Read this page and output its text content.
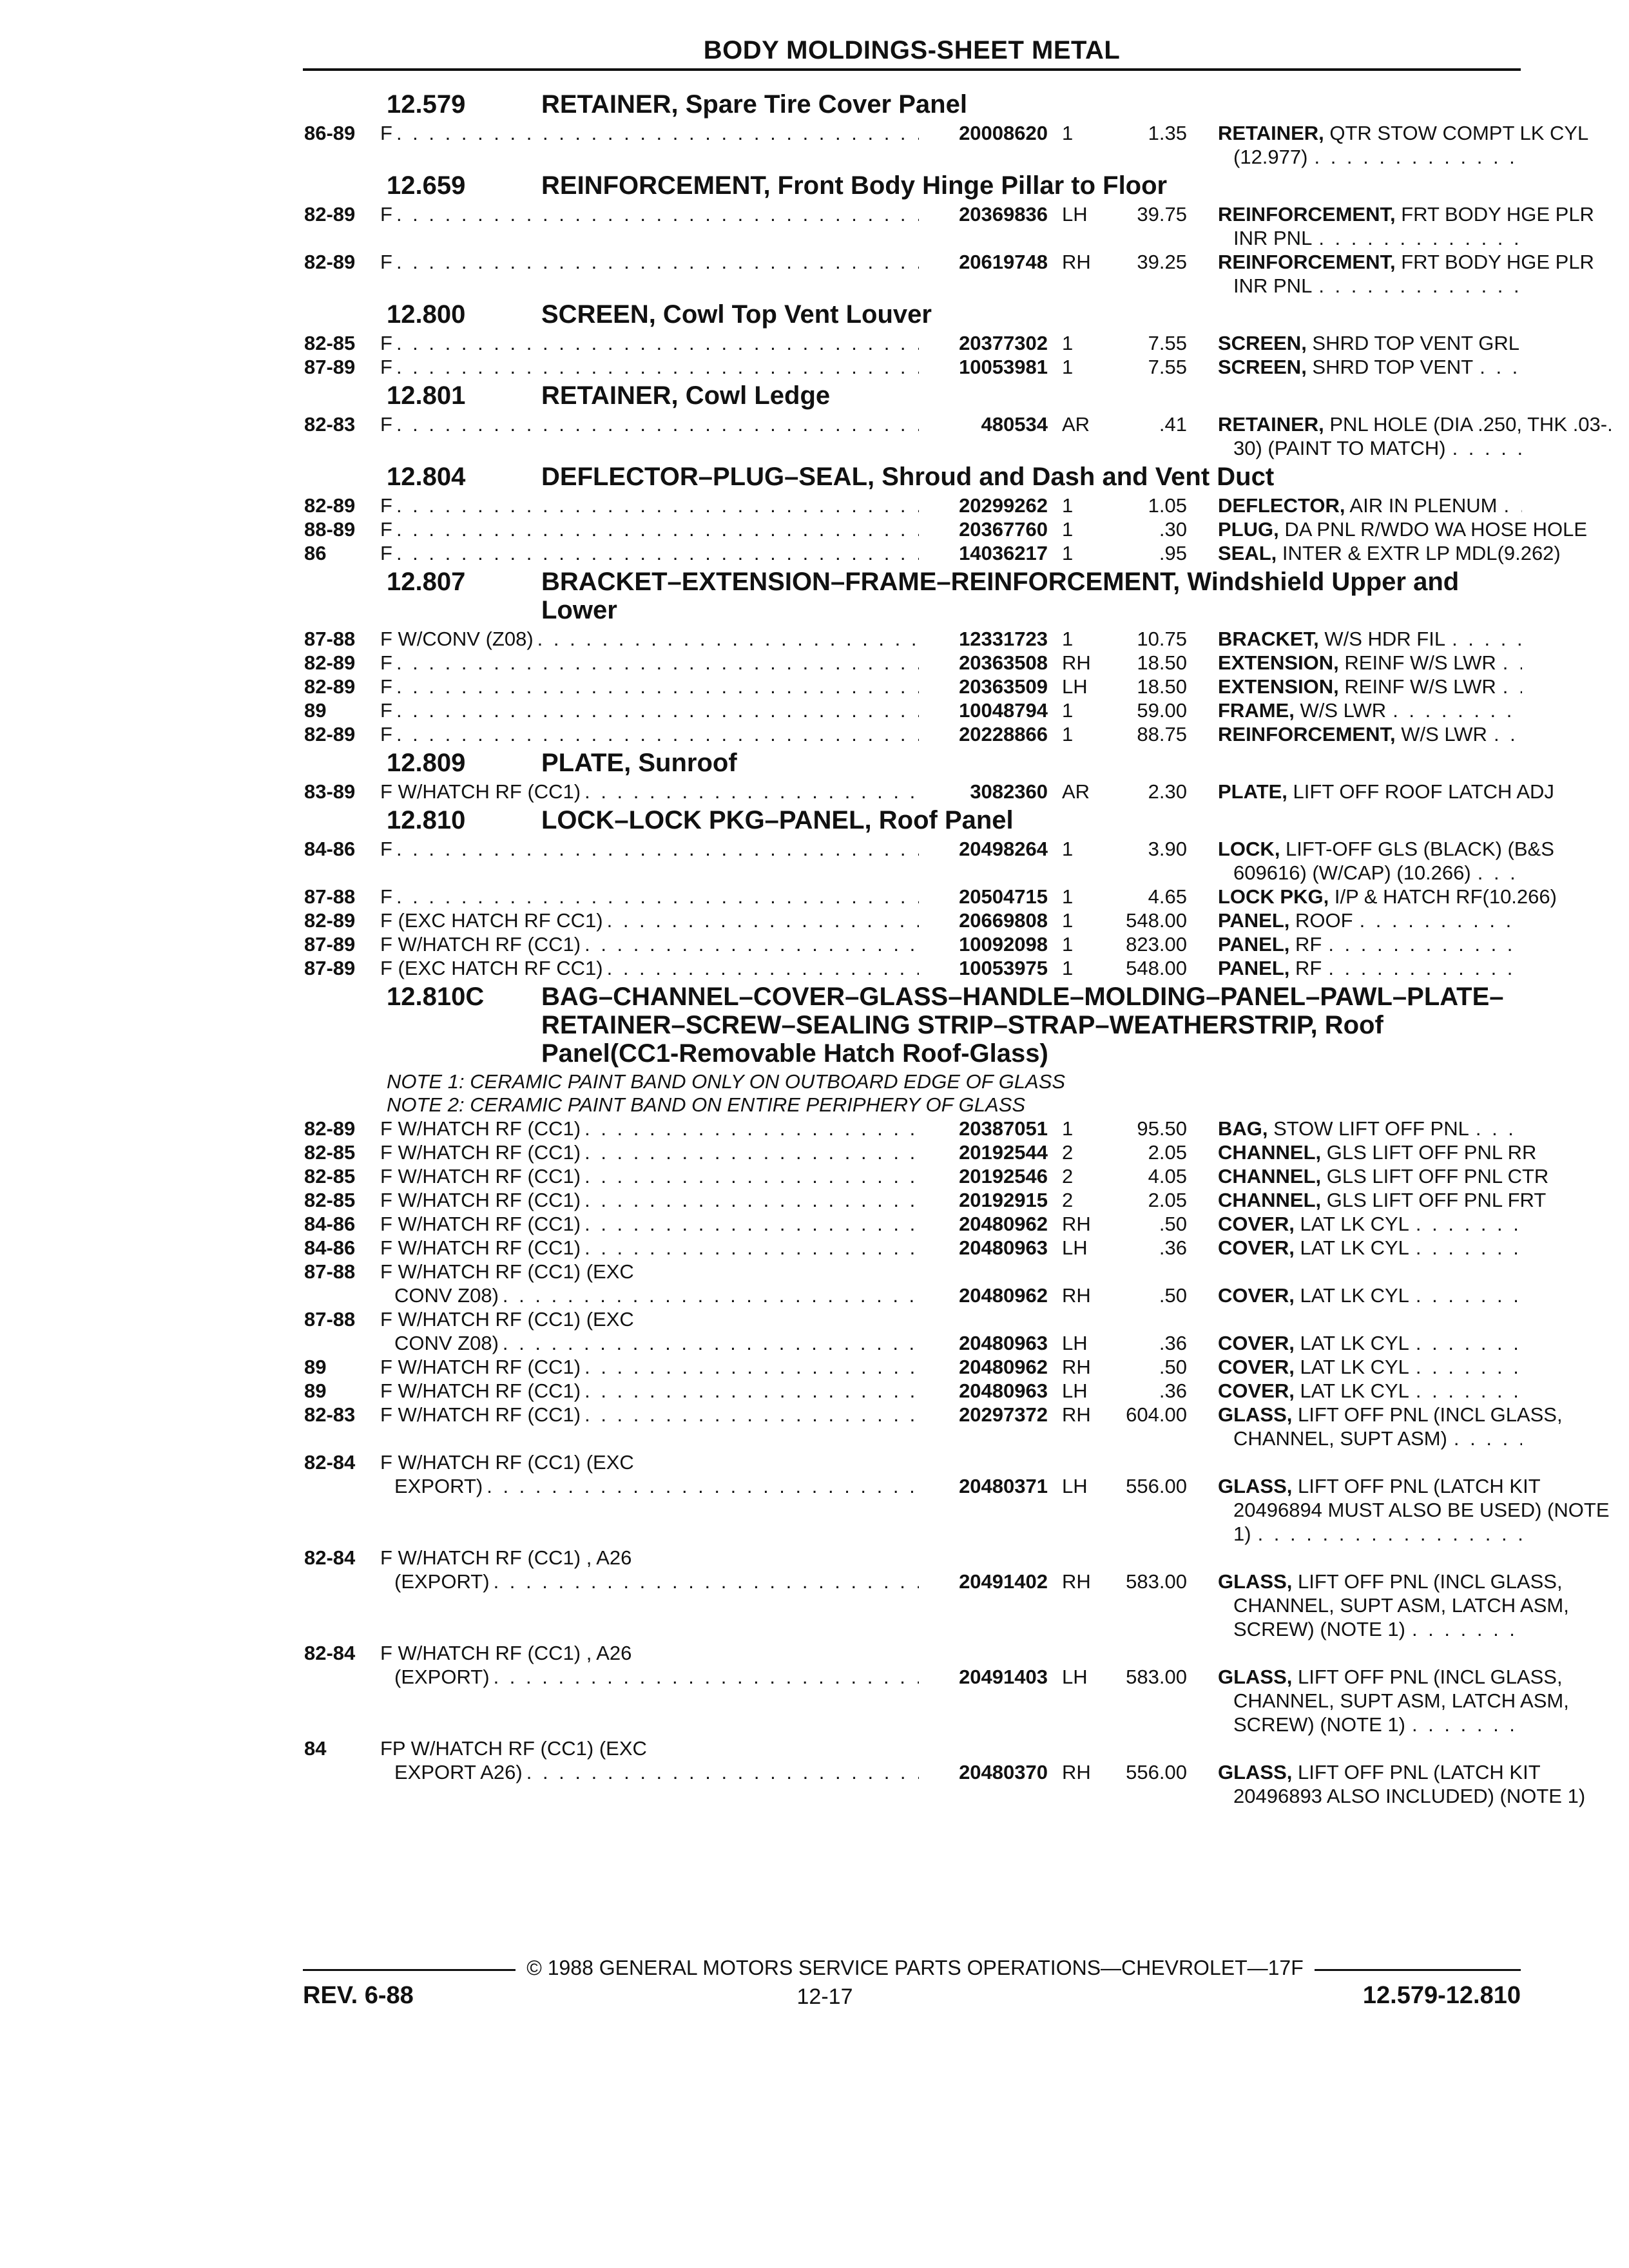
BODY MOLDINGS-SHEET METAL
12.579	RETAINER, Spare Tire Cover Panel
86-89	F . . .	20008620 1	1.35 RETAINER, QTR STOW COMPT LK CYL
(12.977)
. . .
12.659	REINFORCEMENT, Front Body Hinge Pillar to Floor
82-89	F . . .	20369836 LH	39.75 REINFORCEMENT, FRT BODY HGE PLR
INR PNL
. . .
82-89	F . . .	20619748 RH	39.25 REINFORCEMENT, FRT BODY HGE PLR
INR PNL
. . .
12.800	SCREEN, Cowl Top Vent Louver
82-85	F . . .	20377302 1	7.55 SCREEN, SHRD TOP VENT GRL
. . .
87-89	F . . .	10053981 1	7.55 SCREEN, SHRD TOP VENT
. . .
12.801	RETAINER, Cowl Ledge
82-83	F . . .	480534 AR	.41 RETAINER, PNL HOLE (DIA .250, THK .03-.
30) (PAINT TO MATCH)
. . .
12.804	DEFLECTOR–PLUG–SEAL, Shroud and Dash and Vent Duct
82-89	F . . .	20299262 1	1.05 DEFLECTOR, AIR IN PLENUM
. . .
88-89	F . . .	20367760 1	.30 PLUG, DA PNL R/WDO WA HOSE HOLE
. . .
86	F . . .	14036217 1	.95 SEAL, INTER & EXTR LP MDL(9.262)
. . .
12.807	BRACKET–EXTENSION–FRAME–REINFORCEMENT, Windshield Upper and Lower
87-88	F W/CONV (Z08) . . .	12331723 1	10.75 BRACKET, W/S HDR FIL
. . .
82-89	F . . .	20363508 RH	18.50 EXTENSION, REINF W/S LWR
. . .
82-89	F . . .	20363509 LH	18.50 EXTENSION, REINF W/S LWR
. . .
89	F . . .	10048794 1	59.00 FRAME, W/S LWR
. . .
82-89	F . . .	20228866 1	88.75 REINFORCEMENT, W/S LWR
. . .
12.809	PLATE, Sunroof
83-89	F W/HATCH RF (CC1) . . .	3082360 AR	2.30 PLATE, LIFT OFF ROOF LATCH ADJ
. . .
12.810	LOCK–LOCK PKG–PANEL, Roof Panel
84-86	F . . .	20498264 1	3.90 LOCK, LIFT-OFF GLS (BLACK) (B&S
609616) (W/CAP) (10.266)
. . .
87-88	F . . .	20504715 1	4.65 LOCK PKG, I/P & HATCH RF(10.266)
. . .
82-89	F (EXC HATCH RF CC1) . . .	20669808 1	548.00 PANEL, ROOF
. . .
87-89	F W/HATCH RF (CC1) . . .	10092098 1	823.00 PANEL, RF
. . .
87-89	F (EXC HATCH RF CC1) . . .	10053975 1	548.00 PANEL, RF
. . .
12.810C	BAG–CHANNEL–COVER–GLASS–HANDLE–MOLDING–PANEL–PAWL–PLATE–RETAINER–SCREW–SEALING STRIP–STRAP–WEATHERSTRIP, Roof Panel(CC1-Removable Hatch Roof-Glass)
NOTE 1: CERAMIC PAINT BAND ONLY ON OUTBOARD EDGE OF GLASS
NOTE 2: CERAMIC PAINT BAND ON ENTIRE PERIPHERY OF GLASS
82-89	F W/HATCH RF (CC1) . . .	20387051 1	95.50 BAG, STOW LIFT OFF PNL
. . .
82-85	F W/HATCH RF (CC1) . . .	20192544 2	2.05 CHANNEL, GLS LIFT OFF PNL RR
. . .
82-85	F W/HATCH RF (CC1) . . .	20192546 2	4.05 CHANNEL, GLS LIFT OFF PNL CTR
. . .
82-85	F W/HATCH RF (CC1) . . .	20192915 2	2.05 CHANNEL, GLS LIFT OFF PNL FRT
. . .
84-86	F W/HATCH RF (CC1) . . .	20480962 RH	.50 COVER, LAT LK CYL
. . .
84-86	F W/HATCH RF (CC1) . . .	20480963 LH	.36 COVER, LAT LK CYL
. . .
87-88	F W/HATCH RF (CC1) (EXC
CONV Z08) . . .	20480962 RH	.50 COVER, LAT LK CYL
. . .
87-88	F W/HATCH RF (CC1) (EXC
CONV Z08) . . .	20480963 LH	.36 COVER, LAT LK CYL
. . .
89	F W/HATCH RF (CC1) . . .	20480962 RH	.50 COVER, LAT LK CYL
. . .
89	F W/HATCH RF (CC1) . . .	20480963 LH	.36 COVER, LAT LK CYL
. . .
82-83	F W/HATCH RF (CC1) . . .	20297372 RH	604.00 GLASS, LIFT OFF PNL (INCL GLASS,
CHANNEL, SUPT ASM)
. . .
82-84	F W/HATCH RF (CC1) (EXC
EXPORT) . . .	20480371 LH	556.00 GLASS, LIFT OFF PNL (LATCH KIT
20496894 MUST ALSO BE USED) (NOTE
1)
. . .
82-84	F W/HATCH RF (CC1) , A26
(EXPORT) . . .	20491402 RH	583.00 GLASS, LIFT OFF PNL (INCL GLASS,
CHANNEL, SUPT ASM, LATCH ASM,
SCREW) (NOTE 1)
. . .
82-84	F W/HATCH RF (CC1) , A26
(EXPORT) . . .	20491403 LH	583.00 GLASS, LIFT OFF PNL (INCL GLASS,
CHANNEL, SUPT ASM, LATCH ASM,
SCREW) (NOTE 1)
. . .
84	FP W/HATCH RF (CC1) (EXC
EXPORT A26) . . .	20480370 RH	556.00 GLASS, LIFT OFF PNL (LATCH KIT
20496893 ALSO INCLUDED) (NOTE 1)
. . .
© 1988 GENERAL MOTORS SERVICE PARTS OPERATIONS—CHEVROLET—17F
REV. 6-88	12-17	12.579-12.810
